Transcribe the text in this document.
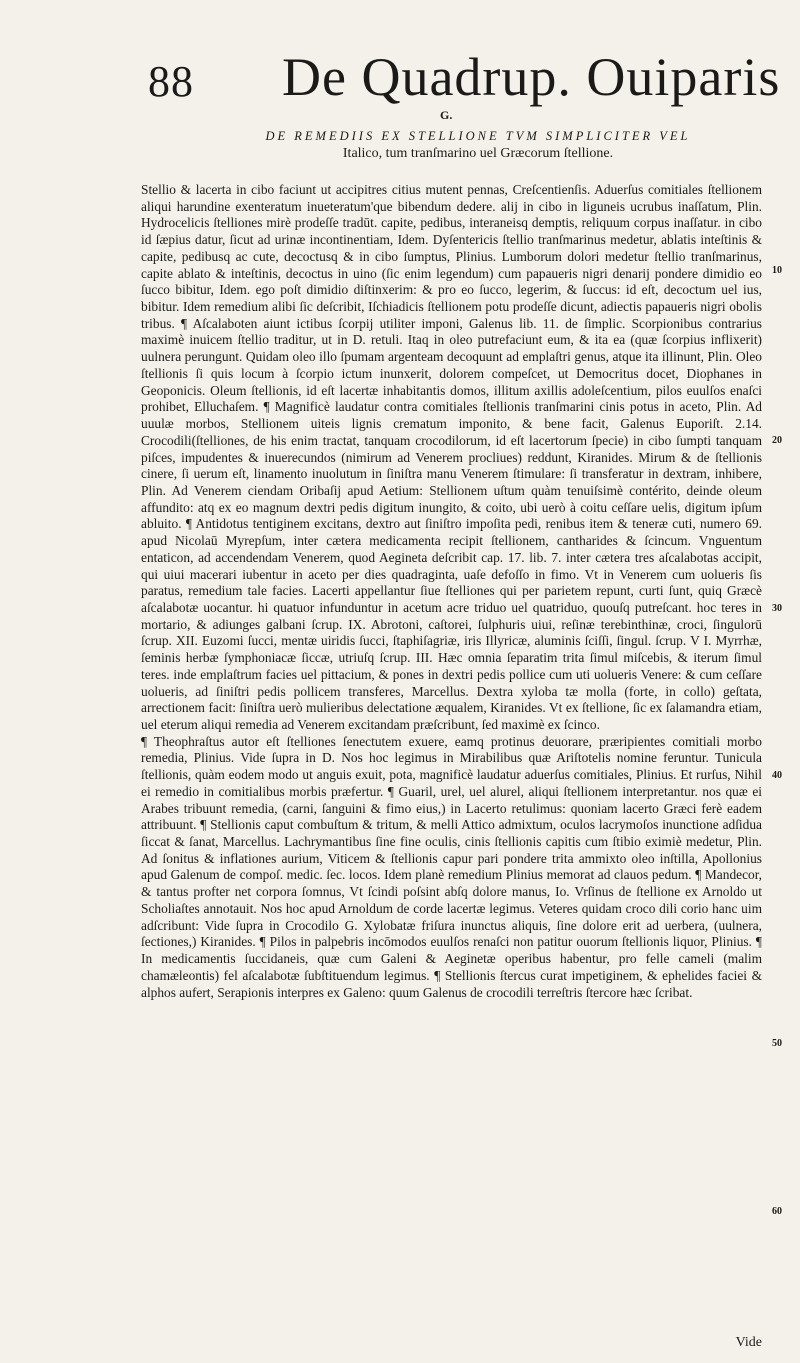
88 De Quadrup. Ouiparis
G.
DE REMEDIIS EX STELLIONE TVM SIMPLICITER VEL
Italico, tum tranſmarino uel Græcorum ſtellione.

Stellio & lacerta in cibo faciunt ut accipitres citius mutent pennas, Creſcentienſis. Aduerſus comitiales ſtellionem aliqui harundine exenteratum inueteratum'que bibendum dedere. alij in cibo in liguneis ucrubus inaſſatum, Plin. Hydrocelicis ſtelliones mirè prodeſſe tradūt. capite, pedibus, interaneisq demptis, reliquum corpus inaſſatur. in cibo id ſæpius datur, ſicut ad urinæ incontinentiam, Idem. Dyſentericis ſtellio tranſmarinus medetur, ablatis inteſtinis & capite, pedibusq ac cute, decoctusq & in cibo ſumptus, Plinius. Lumborum dolori medetur ſtellio tranſmarinus, capite ablato & inteſtinis, decoctus in uino (ſic enim legendum) cum papaueris nigri denarij pondere dimidio eo ſucco bibitur, Idem. ego poſt dimidio diſtinxerim: & pro eo ſucco, legerim, & ſuccus: id eſt, decoctum uel ius, bibitur. Idem remedium alibi ſic deſcribit, Iſchiadicis ſtellionem potu prodeſſe dicunt, adiectis papaueris nigri obolis tribus. ¶ Aſcalaboten aiunt ictibus ſcorpij utiliter imponi, Galenus lib. 11. de ſimplic. Scorpionibus contrarius maximè inuicem ſtellio traditur, ut in D. retuli. Itaq in oleo putrefaciunt eum, & ita ea (quæ ſcorpius inflixerit) uulnera perungunt. Quidam oleo illo ſpumam argenteam decoquunt ad emplaſtri genus, atque ita illinunt, Plin. Oleo ſtellionis ſi quis locum à ſcorpio ictum inunxerit, dolorem compeſcet, ut Democritus docet, Diophanes in Geoponicis. Oleum ſtellionis, id eſt lacertæ inhabitantis domos, illitum axillis adoleſcentium, pilos euulſos enaſci prohibet, Elluchaſem. ¶ Magnificè laudatur contra comitiales ſtellionis tranſmarini cinis potus in aceto, Plin. Ad uuulæ morbos, Stellionem uiteis lignis crematum imponito, & bene facit, Galenus Euporiſt. 2.14. Crocodili(ſtelliones, de his enim tractat, tanquam crocodilorum, id eſt lacertorum ſpecie) in cibo ſumpti tanquam piſces, impudentes & inuerecundos (nimirum ad Venerem procliues) reddunt, Kiranides. Mirum & de ſtellionis cinere, ſi uerum eſt, linamento inuolutum in ſiniſtra manu Venerem ſtimulare: ſi transferatur in dextram, inhibere, Plin. Ad Venerem ciendam Oribaſij apud Aetium: Stellionem uſtum quàm tenuiſsimè contérito, deinde oleum affundito: atq ex eo magnum dextri pedis digitum inungito, & coito, ubi uerò à coitu ceſſare uelis, digitum ipſum abluito. ¶ Antidotus tentiginem excitans, dextro aut ſiniſtro impoſita pedi, renibus item & teneræ cuti, numero 69. apud Nicolaū Myrepſum, inter cætera medicamenta recipit ſtellionem, cantharides & ſcincum. Vnguentum entaticon, ad accendendam Venerem, quod Aegineta deſcribit cap. 17. lib. 7. inter cætera tres aſcalabotas accipit, qui uiui macerari iubentur in aceto per dies quadraginta, uaſe defoſſo in fimo. Vt in Venerem cum uolueris ſis paratus, remedium tale facies. Lacerti appellantur ſiue ſtelliones qui per parietem repunt, curti ſunt, quiq Græcè aſcalabotæ uocantur. hi quatuor infunduntur in acetum acre triduo uel quatriduo, quouſq putreſcant. hoc teres in mortario, & adiunges galbani ſcrup. IX. Abrotoni, caſtorei, ſulphuris uiui, reſinæ terebinthinæ, croci, ſingulorū ſcrup. XII. Euzomi ſucci, mentæ uiridis ſucci, ſtaphiſagriæ, iris Illyricæ, aluminis ſciſſi, ſingul. ſcrup. V I. Myrrhæ, ſeminis herbæ ſymphoniacæ ſiccæ, utriuſq ſcrup. III. Hæc omnia ſeparatim trita ſimul miſcebis, & iterum ſimul teres. inde emplaſtrum facies uel pittacium, & pones in dextri pedis pollice cum uti uolueris Venere: & cum ceſſare uolueris, ad ſiniſtri pedis pollicem transferes, Marcellus. Dextra xyloba tæ molla (forte, in collo) geſtata, arrectionem facit: ſiniſtra uerò mulieribus delectatione æqualem, Kiranides. Vt ex ſtellione, ſic ex ſalamandra etiam, uel eterum aliqui remedia ad Venerem excitandam præſcribunt, ſed maximè ex ſcinco.

¶ Theophraſtus autor eſt ſtelliones ſenectutem exuere, eamq protinus deuorare, præripientes comitiali morbo remedia, Plinius. Vide ſupra in D. Nos hoc legimus in Mirabilibus quæ Ariſtotelis nomine feruntur. Tunicula ſtellionis, quàm eodem modo ut anguis exuit, pota, magnificè laudatur aduerſus comitiales, Plinius. Et rurſus, Nihil ei remedio in comitialibus morbis præfertur. ¶ Guaril, urel, uel alurel, aliqui ſtellionem interpretantur. nos quæ ei Arabes tribuunt remedia, (carni, ſanguini & fimo eius,) in Lacerto retulimus: quoniam lacerto Græci ferè eadem attribuunt. ¶ Stellionis caput combuſtum & tritum, & melli Attico admixtum, oculos lacrymoſos inunctione adſidua ſiccat & ſanat, Marcellus. Lachrymantibus ſine fine oculis, cinis ſtellionis capitis cum ſtibio eximiè medetur, Plin. Ad ſonitus & inflationes aurium, Viticem & ſtellionis capur pari pondere trita ammixto oleo inſtilla, Apollonius apud Galenum de compoſ. medic. ſec. locos. Idem planè remedium Plinius memorat ad clauos pedum. ¶ Mandecor, & tantus profter net corpora ſomnus, Vt ſcindi poſsint abſq dolore manus, Io. Vrſinus de ſtellione ex Arnoldo ut Scholiaſtes annotauit. Nos hoc apud Arnoldum de corde lacertæ legimus. Veteres quidam croco dili corio hanc uim adſcribunt: Vide ſupra in Crocodilo G. Xylobatæ friſura inunctus aliquis, ſine dolore erit ad uerbera, (uulnera, ſectiones,) Kiranides. ¶ Pilos in palpebris incōmodos euulſos renaſci non patitur ouorum ſtellionis liquor, Plinius. ¶ In medicamentis ſuccidaneis, quæ cum Galeni & Aeginetæ operibus habentur, pro felle cameli (malim chamæleontis) fel aſcalabotæ ſubſtituendum legimus. ¶ Stellionis ſtercus curat impetiginem, & ephelides faciei & alphos aufert, Serapionis interpres ex Galeno: quum Galenus de crocodili terreſtris ſtercore hæc ſcribat.

10
20
30
40
50
60
Vide
